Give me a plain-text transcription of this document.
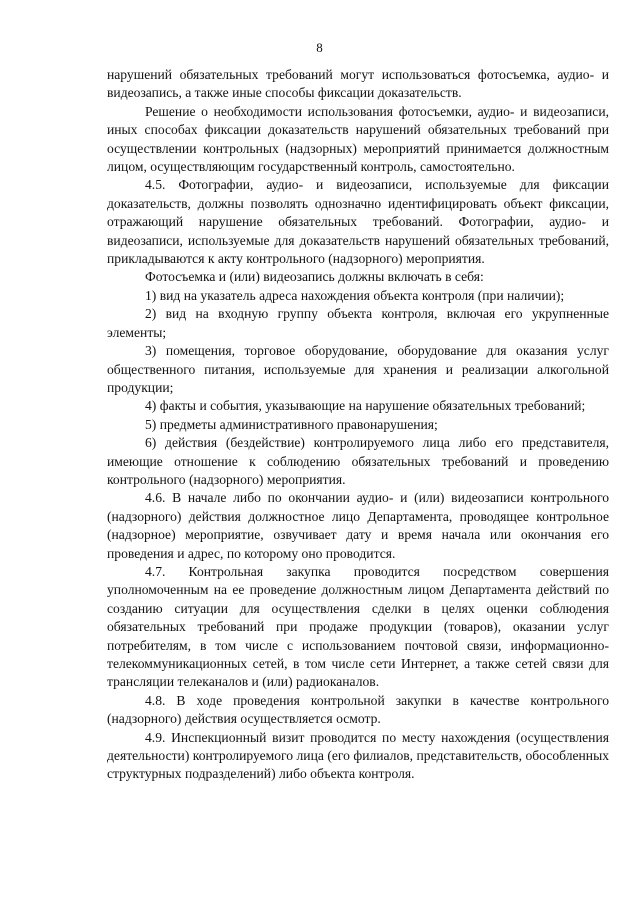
8

нарушений обязательных требований могут использоваться фотосъемка, аудио- и видеозапись, а также иные способы фиксации доказательств.

Решение о необходимости использования фотосъемки, аудио- и видеозаписи, иных способах фиксации доказательств нарушений обязательных требований при осуществлении контрольных (надзорных) мероприятий принимается должностным лицом, осуществляющим государственный контроль, самостоятельно.

4.5. Фотографии, аудио- и видеозаписи, используемые для фиксации доказательств, должны позволять однозначно идентифицировать объект фиксации, отражающий нарушение обязательных требований. Фотографии, аудио- и видеозаписи, используемые для доказательств нарушений обязательных требований, прикладываются к акту контрольного (надзорного) мероприятия.

Фотосъемка и (или) видеозапись должны включать в себя:

1) вид на указатель адреса нахождения объекта контроля (при наличии);

2) вид на входную группу объекта контроля, включая его укрупненные элементы;

3) помещения, торговое оборудование, оборудование для оказания услуг общественного питания, используемые для хранения и реализации алкогольной продукции;

4) факты и события, указывающие на нарушение обязательных требований;

5) предметы административного правонарушения;

6) действия (бездействие) контролируемого лица либо его представителя, имеющие отношение к соблюдению обязательных требований и проведению контрольного (надзорного) мероприятия.

4.6. В начале либо по окончании аудио- и (или) видеозаписи контрольного (надзорного) действия должностное лицо Департамента, проводящее контрольное (надзорное) мероприятие, озвучивает дату и время начала или окончания его проведения и адрес, по которому оно проводится.

4.7. Контрольная закупка проводится посредством совершения уполномоченным на ее проведение должностным лицом Департамента действий по созданию ситуации для осуществления сделки в целях оценки соблюдения обязательных требований при продаже продукции (товаров), оказании услуг потребителям, в том числе с использованием почтовой связи, информационно-телекоммуникационных сетей, в том числе сети Интернет, а также сетей связи для трансляции телеканалов и (или) радиоканалов.

4.8. В ходе проведения контрольной закупки в качестве контрольного (надзорного) действия осуществляется осмотр.

4.9. Инспекционный визит проводится по месту нахождения (осуществления деятельности) контролируемого лица (его филиалов, представительств, обособленных структурных подразделений) либо объекта контроля.
